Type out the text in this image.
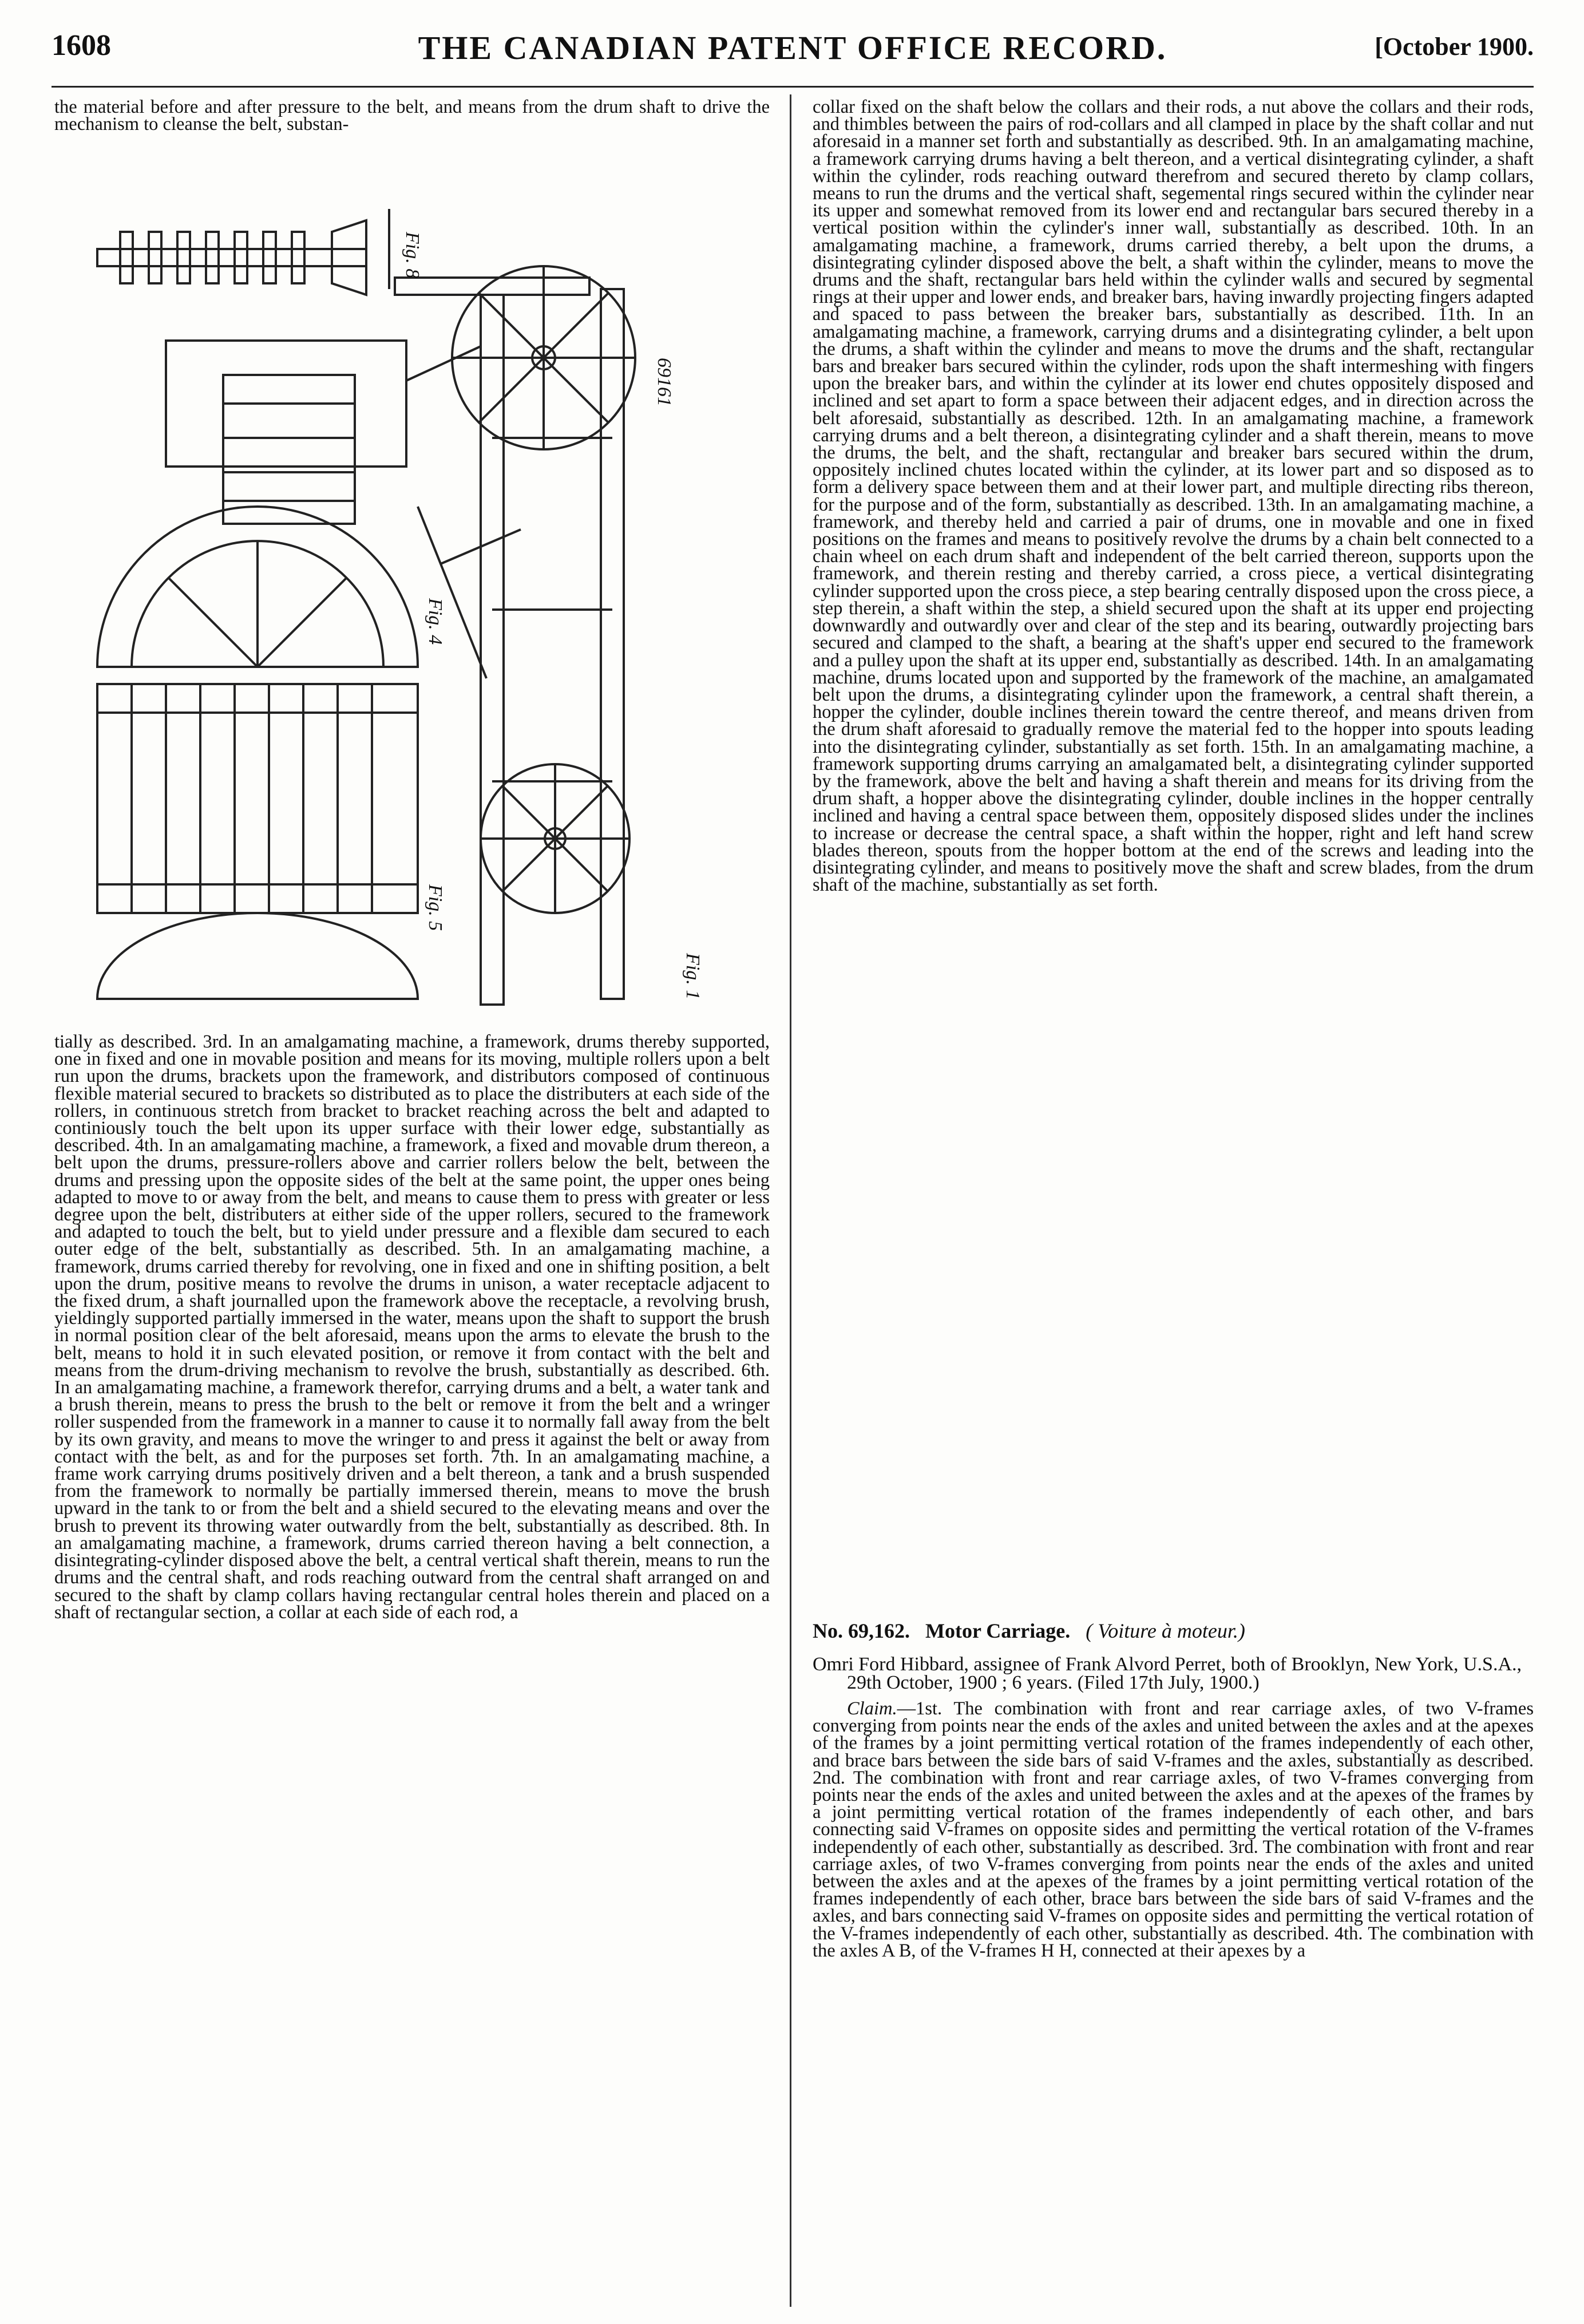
1608	THE CANADIAN PATENT OFFICE RECORD.	[October 1900.

the material before and after pressure to the belt, and means from the drum shaft to drive the mechanism to cleanse the belt, substan-

69161
Fig. 8
Fig. 4
Fig. 5
Fig. 1

tially as described. 3rd. In an amalgamating machine, a framework, drums thereby supported, one in fixed and one in movable position and means for its moving, multiple rollers upon a belt run upon the drums, brackets upon the framework, and distributors composed of continuous flexible material secured to brackets so distributed as to place the distributers at each side of the rollers, in continuous stretch from bracket to bracket reaching across the belt and adapted to continiously touch the belt upon its upper surface with their lower edge, substantially as described. 4th. In an amalgamating machine, a framework, a fixed and movable drum thereon, a belt upon the drums, pressure-rollers above and carrier rollers below the belt, between the drums and pressing upon the opposite sides of the belt at the same point, the upper ones being adapted to move to or away from the belt, and means to cause them to press with greater or less degree upon the belt, distributers at either side of the upper rollers, secured to the framework and adapted to touch the belt, but to yield under pressure and a flexible dam secured to each outer edge of the belt, substantially as described. 5th. In an amalgamating machine, a framework, drums carried thereby for revolving, one in fixed and one in shifting position, a belt upon the drum, positive means to revolve the drums in unison, a water receptacle adjacent to the fixed drum, a shaft journalled upon the framework above the receptacle, a revolving brush, yieldingly supported partially immersed in the water, means upon the shaft to support the brush in normal position clear of the belt aforesaid, means upon the arms to elevate the brush to the belt, means to hold it in such elevated position, or remove it from contact with the belt and means from the drum-driving mechanism to revolve the brush, substantially as described. 6th. In an amalgamating machine, a framework therefor, carrying drums and a belt, a water tank and a brush therein, means to press the brush to the belt or remove it from the belt and a wringer roller suspended from the framework in a manner to cause it to normally fall away from the belt by its own gravity, and means to move the wringer to and press it against the belt or away from contact with the belt, as and for the purposes set forth. 7th. In an amalgamating machine, a frame work carrying drums positively driven and a belt thereon, a tank and a brush suspended from the framework to normally be partially immersed therein, means to move the brush upward in the tank to or from the belt and a shield secured to the elevating means and over the brush to prevent its throwing water outwardly from the belt, substantially as described. 8th. In an amalgamating machine, a framework, drums carried thereon having a belt connection, a disintegrating-cylinder disposed above the belt, a central vertical shaft therein, means to run the drums and the central shaft, and rods reaching outward from the central shaft arranged on and secured to the shaft by clamp collars having rectangular central holes therein and placed on a shaft of rectangular section, a collar at each side of each rod, a

collar fixed on the shaft below the collars and their rods, a nut above the collars and their rods, and thimbles between the pairs of rod-collars and all clamped in place by the shaft collar and nut aforesaid in a manner set forth and substantially as described. 9th. In an amalgamating machine, a framework carrying drums having a belt thereon, and a vertical disintegrating cylinder, a shaft within the cylinder, rods reaching outward therefrom and secured thereto by clamp collars, means to run the drums and the vertical shaft, segemental rings secured within the cylinder near its upper and somewhat removed from its lower end and rectangular bars secured thereby in a vertical position within the cylinder's inner wall, substantially as described. 10th. In an amalgamating machine, a framework, drums carried thereby, a belt upon the drums, a disintegrating cylinder disposed above the belt, a shaft within the cylinder, means to move the drums and the shaft, rectangular bars held within the cylinder walls and secured by segmental rings at their upper and lower ends, and breaker bars, having inwardly projecting fingers adapted and spaced to pass between the breaker bars, substantially as described. 11th. In an amalgamating machine, a framework, carrying drums and a disintegrating cylinder, a belt upon the drums, a shaft within the cylinder and means to move the drums and the shaft, rectangular bars and breaker bars secured within the cylinder, rods upon the shaft intermeshing with fingers upon the breaker bars, and within the cylinder at its lower end chutes oppositely disposed and inclined and set apart to form a space between their adjacent edges, and in direction across the belt aforesaid, substantially as described. 12th. In an amalgamating machine, a framework carrying drums and a belt thereon, a disintegrating cylinder and a shaft therein, means to move the drums, the belt, and the shaft, rectangular and breaker bars secured within the drum, oppositely inclined chutes located within the cylinder, at its lower part and so disposed as to form a delivery space between them and at their lower part, and multiple directing ribs thereon, for the purpose and of the form, substantially as described. 13th. In an amalgamating machine, a framework, and thereby held and carried a pair of drums, one in movable and one in fixed positions on the frames and means to positively revolve the drums by a chain belt connected to a chain wheel on each drum shaft and independent of the belt carried thereon, supports upon the framework, and therein resting and thereby carried, a cross piece, a vertical disintegrating cylinder supported upon the cross piece, a step bearing centrally disposed upon the cross piece, a step therein, a shaft within the step, a shield secured upon the shaft at its upper end projecting downwardly and outwardly over and clear of the step and its bearing, outwardly projecting bars secured and clamped to the shaft, a bearing at the shaft's upper end secured to the framework and a pulley upon the shaft at its upper end, substantially as described. 14th. In an amalgamating machine, drums located upon and supported by the framework of the machine, an amalgamated belt upon the drums, a disintegrating cylinder upon the framework, a central shaft therein, a hopper the cylinder, double inclines therein toward the centre thereof, and means driven from the drum shaft aforesaid to gradually remove the material fed to the hopper into spouts leading into the disintegrating cylinder, substantially as set forth. 15th. In an amalgamating machine, a framework supporting drums carrying an amalgamated belt, a disintegrating cylinder supported by the framework, above the belt and having a shaft therein and means for its driving from the drum shaft, a hopper above the disintegrating cylinder, double inclines in the hopper centrally inclined and having a central space between them, oppositely disposed slides under the inclines to increase or decrease the central space, a shaft within the hopper, right and left hand screw blades thereon, spouts from the hopper bottom at the end of the screws and leading into the disintegrating cylinder, and means to positively move the shaft and screw blades, from the drum shaft of the machine, substantially as set forth.

No. 69,162. Motor Carriage. ( Voiture à moteur.)

Omri Ford Hibbard, assignee of Frank Alvord Perret, both of Brooklyn, New York, U.S.A., 29th October, 1900 ; 6 years. (Filed 17th July, 1900.)

Claim.—1st. The combination with front and rear carriage axles, of two V-frames converging from points near the ends of the axles and united between the axles and at the apexes of the frames by a joint permitting vertical rotation of the frames independently of each other, and brace bars between the side bars of said V-frames and the axles, substantially as described. 2nd. The combination with front and rear carriage axles, of two V-frames converging from points near the ends of the axles and united between the axles and at the apexes of the frames by a joint permitting vertical rotation of the frames independently of each other, and bars connecting said V-frames on opposite sides and permitting the vertical rotation of the V-frames independently of each other, substantially as described. 3rd. The combination with front and rear carriage axles, of two V-frames converging from points near the ends of the axles and united between the axles and at the apexes of the frames by a joint permitting vertical rotation of the frames independently of each other, brace bars between the side bars of said V-frames and the axles, and bars connecting said V-frames on opposite sides and permitting the vertical rotation of the V-frames independently of each other, substantially as described. 4th. The combination with the axles A B, of the V-frames H H, connected at their apexes by a
